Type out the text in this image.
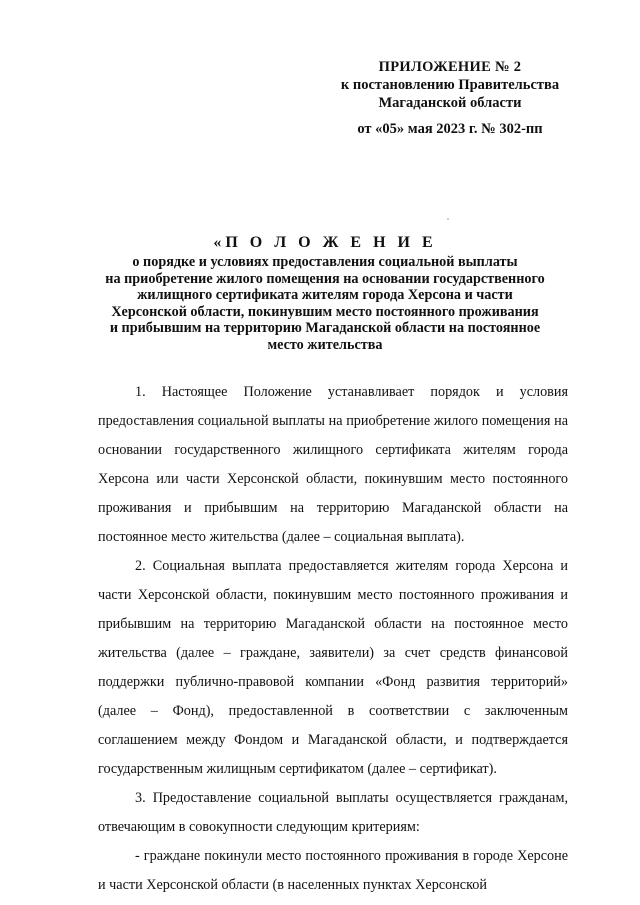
ПРИЛОЖЕНИЕ № 2
к постановлению Правительства
Магаданской области
от «05» мая 2023 г. № 302-пп
«П О Л О Ж Е Н И Е
о порядке и условиях предоставления социальной выплаты
на приобретение жилого помещения на основании государственного
жилищного сертификата жителям города Херсона и части
Херсонской области, покинувшим место постоянного проживания
и прибывшим на территорию Магаданской области на постоянное
место жительства

1. Настоящее Положение устанавливает порядок и условия предоставления социальной выплаты на приобретение жилого помещения на основании государственного жилищного сертификата жителям города Херсона или части Херсонской области, покинувшим место постоянного проживания и прибывшим на территорию Магаданской области на постоянное место жительства (далее – социальная выплата).

2. Социальная выплата предоставляется жителям города Херсона и части Херсонской области, покинувшим место постоянного проживания и прибывшим на территорию Магаданской области на постоянное место жительства (далее – граждане, заявители) за счет средств финансовой поддержки публично-правовой компании «Фонд развития территорий» (далее – Фонд), предоставленной в соответствии с заключенным соглашением между Фондом и Магаданской области, и подтверждается государственным жилищным сертификатом (далее – сертификат).

3. Предоставление социальной выплаты осуществляется гражданам, отвечающим в совокупности следующим критериям:

- граждане покинули место постоянного проживания в городе Херсоне и части Херсонской области (в населенных пунктах Херсонской
